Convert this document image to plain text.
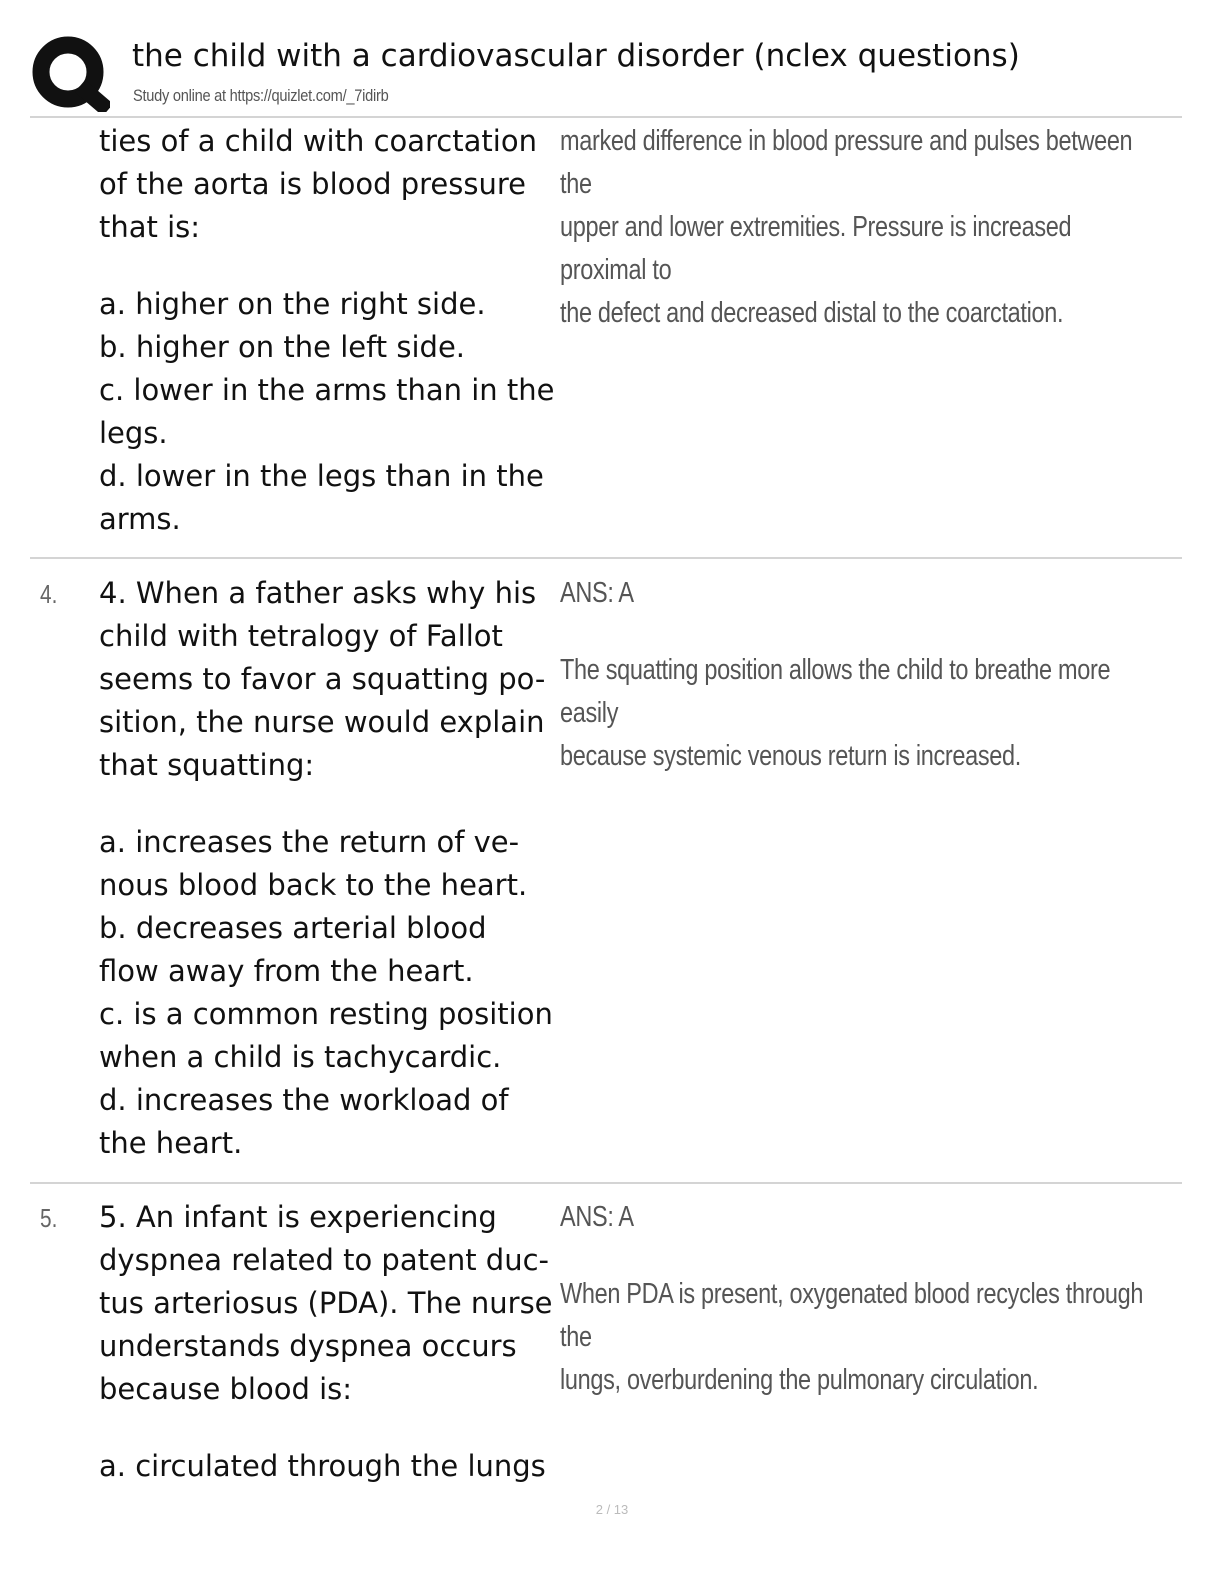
the child with a cardiovascular disorder (nclex questions)
Study online at https://quizlet.com/_7idirb

ties of a child with coarctation

of the aorta is blood pressure

that is:

a. higher on the right side.

b. higher on the left side.

c. lower in the arms than in the

legs.

d. lower in the legs than in the

arms.

marked difference in blood pressure and pulses between the

upper and lower extremities. Pressure is increased proximal to

the defect and decreased distal to the coarctation.

4. 4. When a father asks why his

child with tetralogy of Fallot

seems to favor a squatting po-

sition, the nurse would explain

that squatting:

a. increases the return of ve-

nous blood back to the heart.

b. decreases arterial blood

flow away from the heart.

c. is a common resting position

when a child is tachycardic.

d. increases the workload of

the heart.

ANS: A

The squatting position allows the child to breathe more easily

because systemic venous return is increased.

5. 5. An infant is experiencing

dyspnea related to patent duc-

tus arteriosus (PDA). The nurse

understands dyspnea occurs

because blood is:

a. circulated through the lungs

ANS: A

When PDA is present, oxygenated blood recycles through the

lungs, overburdening the pulmonary circulation.

2 / 13
